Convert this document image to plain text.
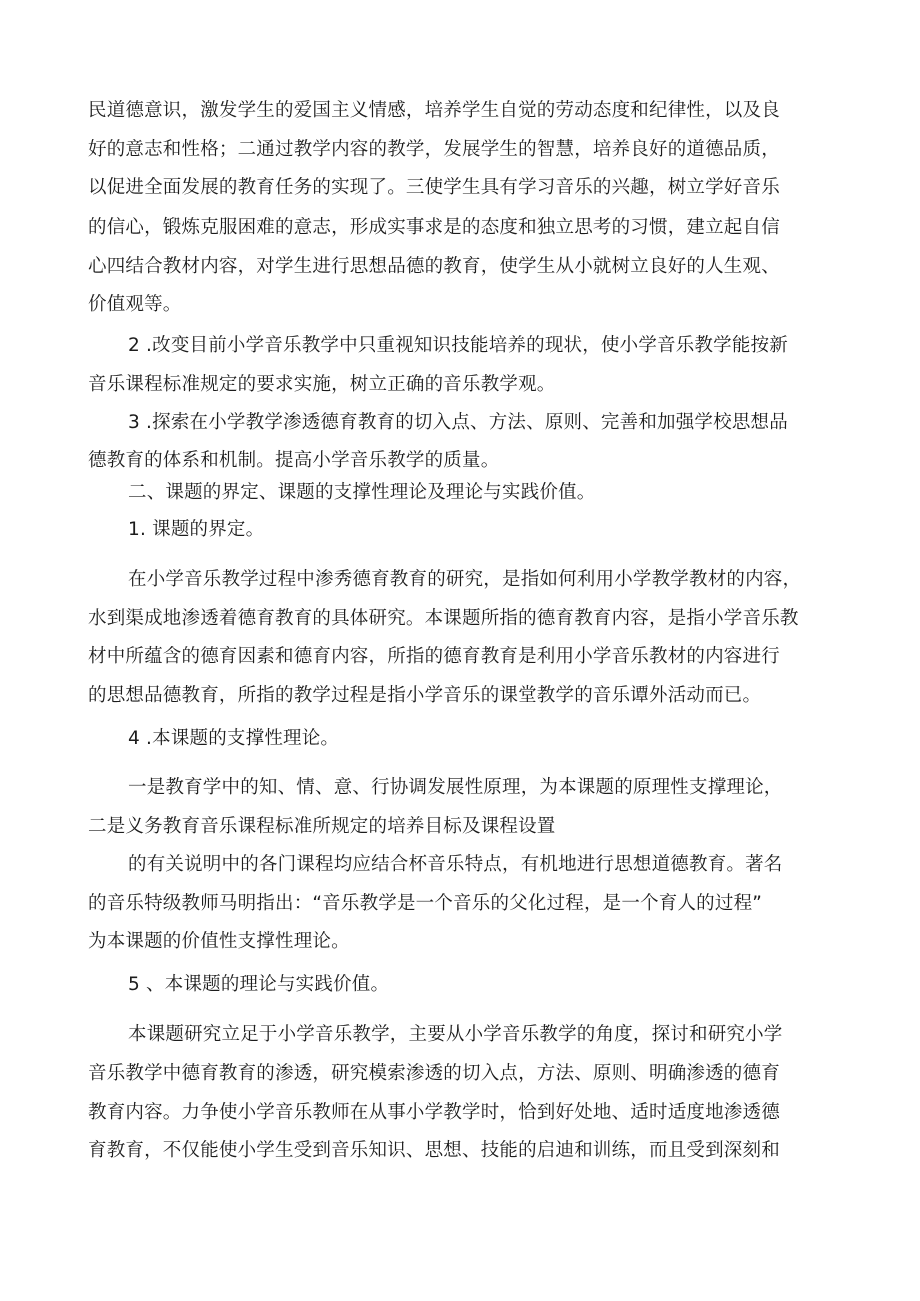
民道德意识，激发学生的爱国主义情感，培养学生自觉的劳动态度和纪律性，以及良

好的意志和性格；二通过教学内容的教学，发展学生的智慧，培养良好的道德品质，

以促进全面发展的教育任务的实现了。三使学生具有学习音乐的兴趣，树立学好音乐

的信心，锻炼克服困难的意志，形成实事求是的态度和独立思考的习惯，建立起自信

心四结合教材内容，对学生进行思想品德的教育，使学生从小就树立良好的人生观、

价值观等。

2 .改变目前小学音乐教学中只重视知识技能培养的现状，使小学音乐教学能按新

音乐课程标准规定的要求实施，树立正确的音乐教学观。

3 .探索在小学教学渗透德育教育的切入点、方法、原则、完善和加强学校思想品

德教育的体系和机制。提高小学音乐教学的质量。

二、课题的界定、课题的支撑性理论及理论与实践价值。

1. 课题的界定。

在小学音乐教学过程中渗秀德育教育的研究，是指如何利用小学教学教材的内容，

水到渠成地渗透着德育教育的具体研究。本课题所指的德育教育内容，是指小学音乐教

材中所蕴含的德育因素和德育内容，所指的德育教育是利用小学音乐教材的内容进行

的思想品德教育，所指的教学过程是指小学音乐的课堂教学的音乐谭外活动而已。

4 .本课题的支撑性理论。

一是教育学中的知、情、意、行协调发展性原理，为本课题的原理性支撑理论，

二是义务教育音乐课程标准所规定的培养目标及课程设置

的有关说明中的各门课程均应结合杯音乐特点，有机地进行思想道德教育。著名

的音乐特级教师马明指出：“音乐教学是一个音乐的父化过程，是一个育人的过程”

为本课题的价值性支撑性理论。

5 、本课题的理论与实践价值。

本课题研究立足于小学音乐教学，主要从小学音乐教学的角度，探讨和研究小学

音乐教学中德育教育的渗透，研究模索渗透的切入点，方法、原则、明确渗透的德育

教育内容。力争使小学音乐教师在从事小学教学时，恰到好处地、适时适度地渗透德

育教育，不仅能使小学生受到音乐知识、思想、技能的启迪和训练，而且受到深刻和
